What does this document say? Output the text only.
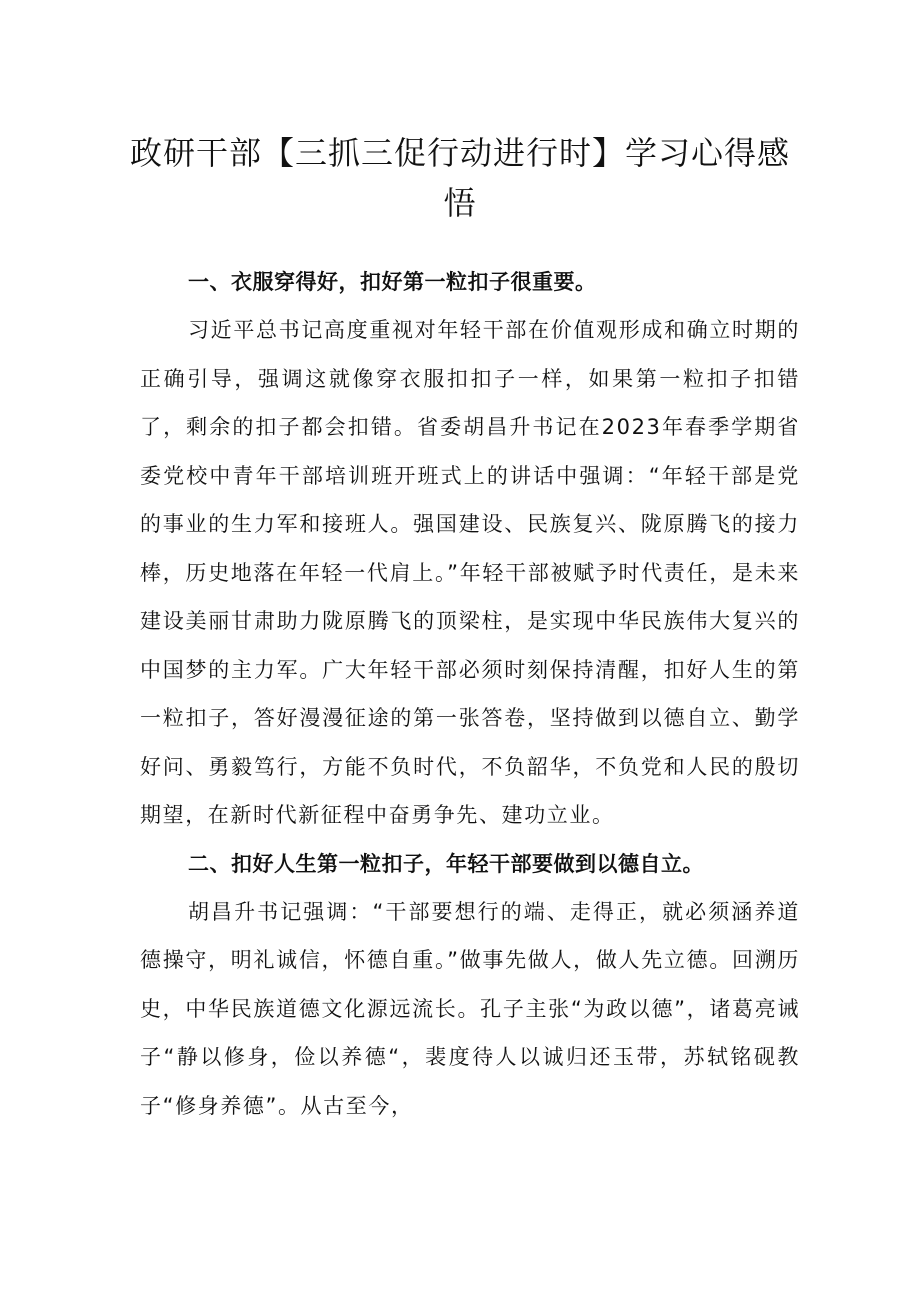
政研干部【三抓三促行动进行时】学习心得感悟
一、衣服穿得好，扣好第一粒扣子很重要。

习近平总书记高度重视对年轻干部在价值观形成和确立时期的正确引导，强调这就像穿衣服扣扣子一样，如果第一粒扣子扣错了，剩余的扣子都会扣错。省委胡昌升书记在2023年春季学期省委党校中青年干部培训班开班式上的讲话中强调：“年轻干部是党的事业的生力军和接班人。强国建设、民族复兴、陇原腾飞的接力棒，历史地落在年轻一代肩上。”年轻干部被赋予时代责任，是未来建设美丽甘肃助力陇原腾飞的顶梁柱，是实现中华民族伟大复兴的中国梦的主力军。广大年轻干部必须时刻保持清醒，扣好人生的第一粒扣子，答好漫漫征途的第一张答卷，坚持做到以德自立、勤学好问、勇毅笃行，方能不负时代，不负韶华，不负党和人民的殷切期望，在新时代新征程中奋勇争先、建功立业。

二、扣好人生第一粒扣子，年轻干部要做到以德自立。

胡昌升书记强调：“干部要想行的端、走得正，就必须涵养道德操守，明礼诚信，怀德自重。”做事先做人，做人先立德。回溯历史，中华民族道德文化源远流长。孔子主张“为政以德”，诸葛亮诫子“静以修身，俭以养德“，裴度待人以诚归还玉带，苏轼铭砚教子“修身养德”。从古至今，
